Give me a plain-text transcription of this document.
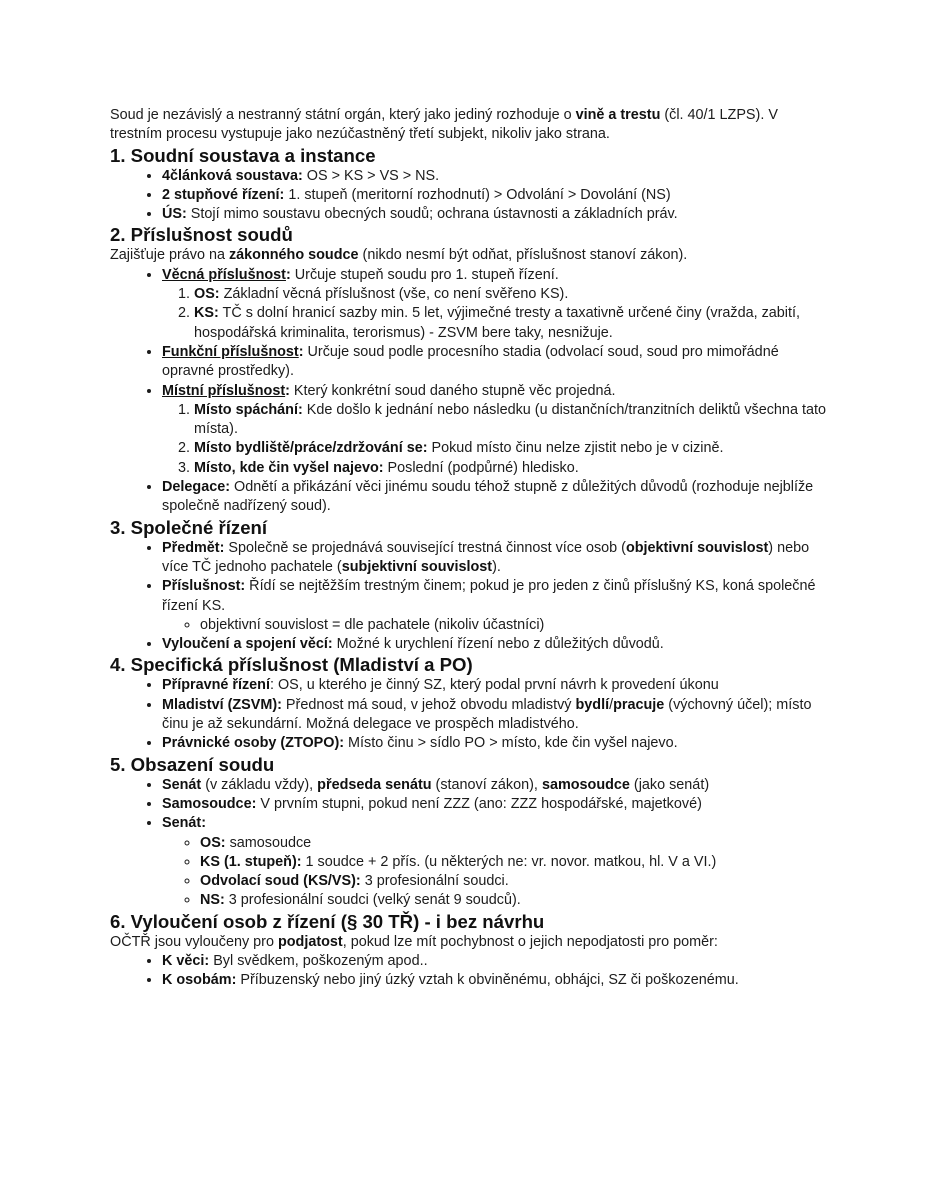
Soud je nezávislý a nestranný státní orgán, který jako jediný rozhoduje o vině a trestu (čl. 40/1 LZPS). V trestním procesu vystupuje jako nezúčastněný třetí subjekt, nikoliv jako strana.

1. Soudní soustava a instance
• 4článková soustava: OS > KS > VS > NS.
• 2 stupňové řízení: 1. stupeň (meritorní rozhodnutí) > Odvolání > Dovolání (NS)
• ÚS: Stojí mimo soustavu obecných soudů; ochrana ústavnosti a základních práv.
2. Příslušnost soudů

Zajišťuje právo na zákonného soudce (nikdo nesmí být odňat, příslušnost stanoví zákon).

• Věcná příslušnost: Určuje stupeň soudu pro 1. stupeň řízení.
1. OS: Základní věcná příslušnost (vše, co není svěřeno KS).
2. KS: TČ s dolní hranicí sazby min. 5 let, výjimečné tresty a taxativně určené činy (vražda, zabití, hospodářská kriminalita, terorismus) - ZSVM bere taky, nesnižuje.
• Funkční příslušnost: Určuje soud podle procesního stadia (odvolací soud, soud pro mimořádné opravné prostředky).
• Místní příslušnost: Který konkrétní soud daného stupně věc projedná.
1. Místo spáchání: Kde došlo k jednání nebo následku (u distančních/tranzitních deliktů všechna tato místa).
2. Místo bydliště/práce/zdržování se: Pokud místo činu nelze zjistit nebo je v cizině.
3. Místo, kde čin vyšel najevo: Poslední (podpůrné) hledisko.
• Delegace: Odnětí a přikázání věci jinému soudu téhož stupně z důležitých důvodů (rozhoduje nejblíže společně nadřízený soud).
3. Společné řízení
• Předmět: Společně se projednává související trestná činnost více osob (objektivní souvislost) nebo více TČ jednoho pachatele (subjektivní souvislost).
• Příslušnost: Řídí se nejtěžším trestným činem; pokud je pro jeden z činů příslušný KS, koná společné řízení KS.
◦ objektivní souvislost = dle pachatele (nikoliv účastníci)
• Vyloučení a spojení věcí: Možné k urychlení řízení nebo z důležitých důvodů.
4. Specifická příslušnost (Mladiství a PO)
• Přípravné řízení: OS, u kterého je činný SZ, který podal první návrh k provedení úkonu
• Mladiství (ZSVM): Přednost má soud, v jehož obvodu mladistvý bydlí/pracuje (výchovný účel); místo činu je až sekundární. Možná delegace ve prospěch mladistvého.
• Právnické osoby (ZTOPO): Místo činu > sídlo PO > místo, kde čin vyšel najevo.
5. Obsazení soudu
• Senát (v základu vždy), předseda senátu (stanoví zákon), samosoudce (jako senát)
• Samosoudce: V prvním stupni, pokud není ZZZ (ano: ZZZ hospodářské, majetkové)
• Senát:
◦ OS: samosoudce
◦ KS (1. stupeň): 1 soudce + 2 přís. (u některých ne: vr. novor. matkou, hl. V a VI.)
◦ Odvolací soud (KS/VS): 3 profesionální soudci.
◦ NS: 3 profesionální soudci (velký senát 9 soudců).
6. Vyloučení osob z řízení (§ 30 TŘ) - i bez návrhu

OČTŘ jsou vyloučeny pro podjatost, pokud lze mít pochybnost o jejich nepodjatosti pro poměr:

• K věci: Byl svědkem, poškozeným apod..
• K osobám: Příbuzenský nebo jiný úzký vztah k obviněnému, obhájci, SZ či poškozenému.
